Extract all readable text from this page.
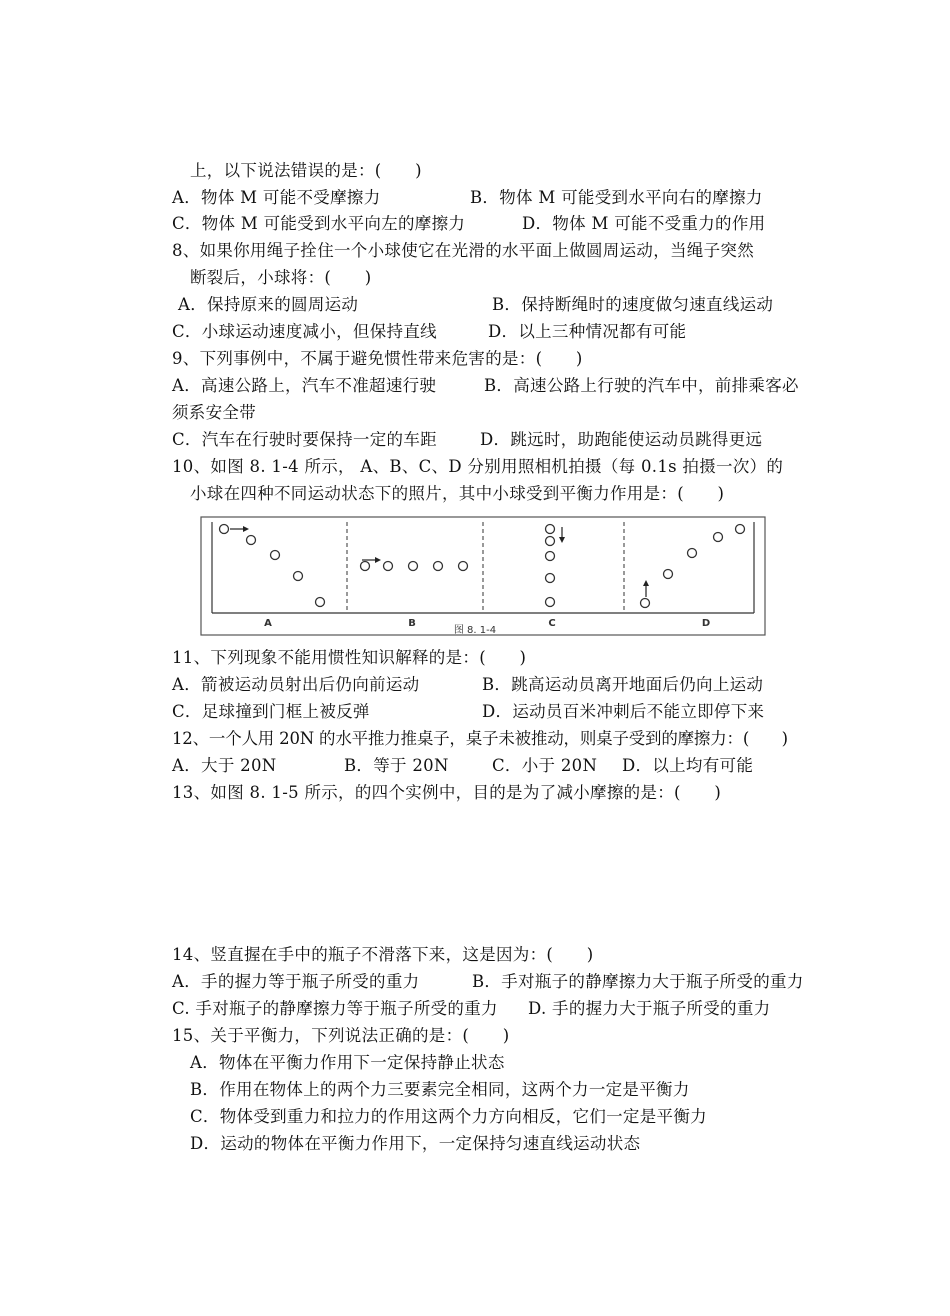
上，以下说法错误的是：(　　)
A．物体 M 可能不受摩擦力	B．物体 M 可能受到水平向右的摩擦力
C．物体 M 可能受到水平向左的摩擦力	D．物体 M 可能不受重力的作用
8、如果你用绳子拴住一个小球使它在光滑的水平面上做圆周运动，当绳子突然
断裂后，小球将：(　　)
A．保持原来的圆周运动	B．保持断绳时的速度做匀速直线运动
C．小球运动速度减小，但保持直线	D．以上三种情况都有可能
9、下列事例中，不属于避免惯性带来危害的是：(　　)
A．高速公路上，汽车不准超速行驶	B．高速公路上行驶的汽车中，前排乘客必
须系安全带
C．汽车在行驶时要保持一定的车距	D．跳远时，助跑能使运动员跳得更远
10、如图 8. 1-4 所示， A、B、C、D 分别用照相机拍摄（每 0.1s 拍摄一次）的
小球在四种不同运动状态下的照片，其中小球受到平衡力作用是：(　　)
A	B	C	D
图 8. 1-4
11、下列现象不能用惯性知识解释的是：(　　)
A．箭被运动员射出后仍向前运动	B．跳高运动员离开地面后仍向上运动
C．足球撞到门框上被反弹	D．运动员百米冲刺后不能立即停下来
12、一个人用 20N 的水平推力推桌子，桌子未被推动，则桌子受到的摩擦力：(　　)
A．大于 20N	B．等于 20N	C．小于 20N D．以上均有可能
13、如图 8. 1-5 所示，的四个实例中，目的是为了减小摩擦的是：(　　)
14、竖直握在手中的瓶子不滑落下来，这是因为：(　　)
A．手的握力等于瓶子所受的重力	B．手对瓶子的静摩擦力大于瓶子所受的重力
C. 手对瓶子的静摩擦力等于瓶子所受的重力 D. 手的握力大于瓶子所受的重力
15、关于平衡力，下列说法正确的是：(　　)
A．物体在平衡力作用下一定保持静止状态
B．作用在物体上的两个力三要素完全相同，这两个力一定是平衡力
C．物体受到重力和拉力的作用这两个力方向相反，它们一定是平衡力
D．运动的物体在平衡力作用下，一定保持匀速直线运动状态
